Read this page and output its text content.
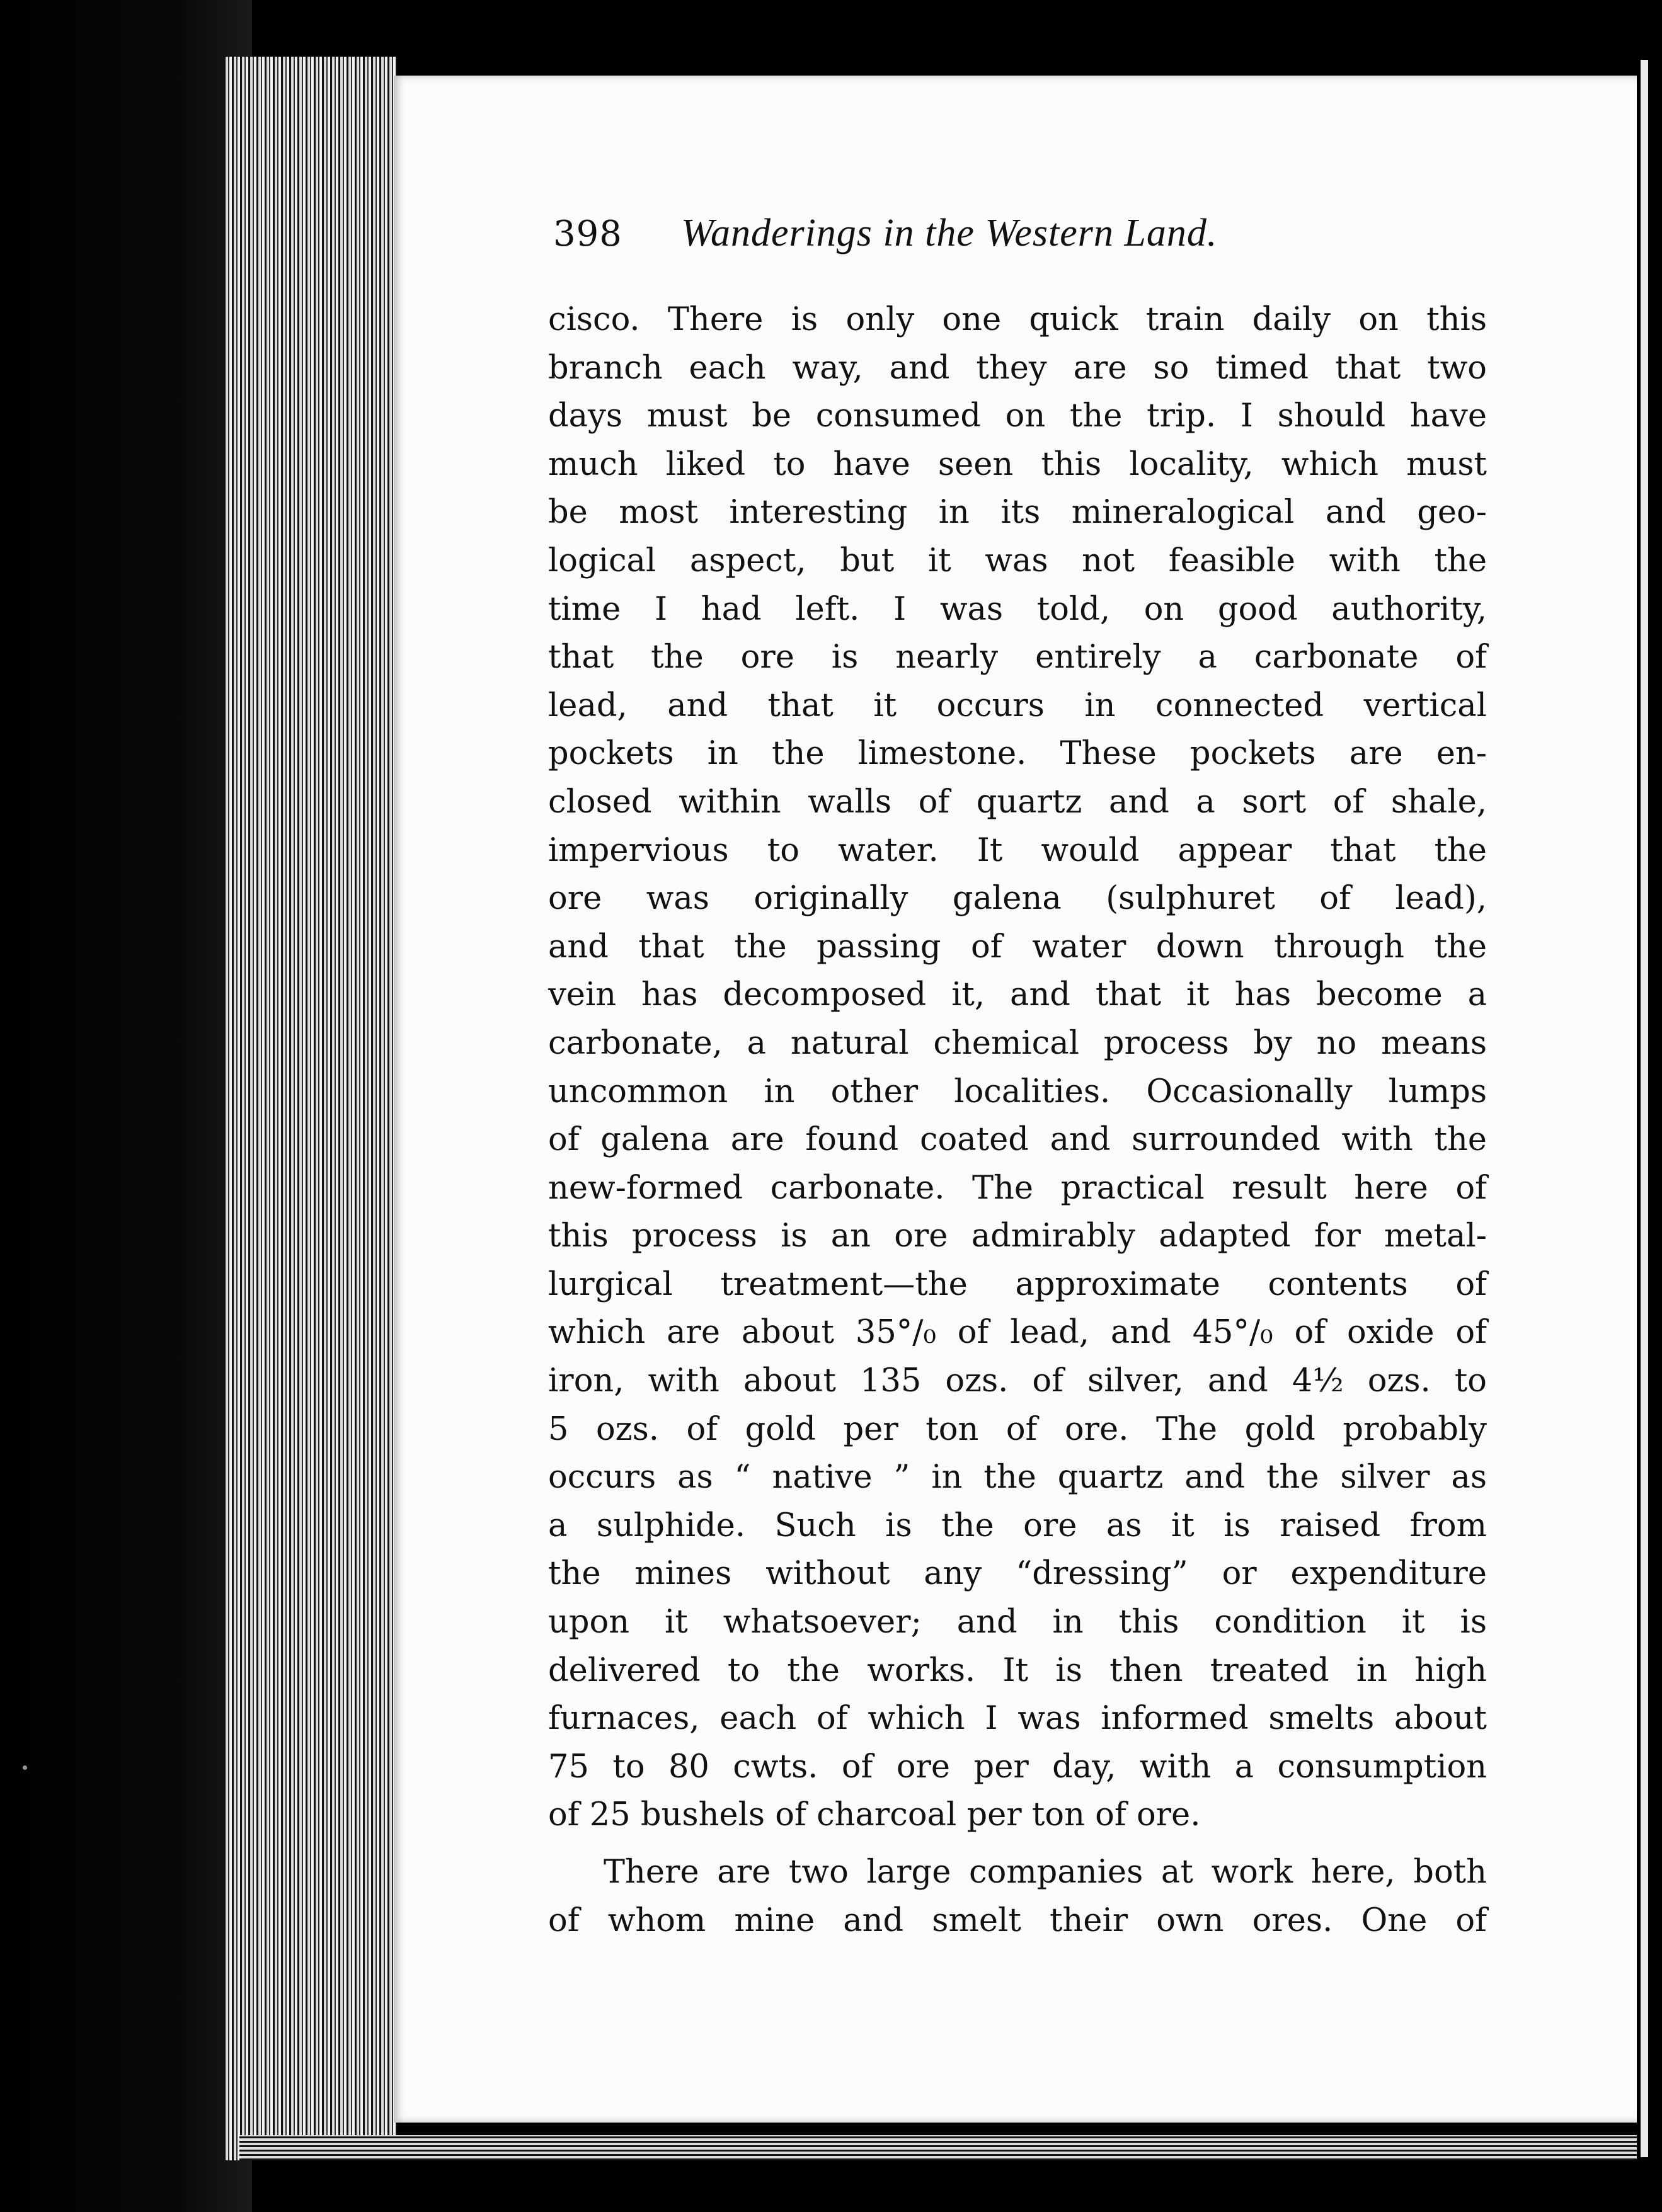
398 Wanderings in the Western Land.
cisco. There is only one quick train daily on this
branch each way, and they are so timed that two
days must be consumed on the trip. I should have
much liked to have seen this locality, which must
be most interesting in its mineralogical and geo-
logical aspect, but it was not feasible with the
time I had left. I was told, on good authority,
that the ore is nearly entirely a carbonate of
lead, and that it occurs in connected vertical
pockets in the limestone. These pockets are en-
closed within walls of quartz and a sort of shale,
impervious to water. It would appear that the
ore was originally galena (sulphuret of lead),
and that the passing of water down through the
vein has decomposed it, and that it has become a
carbonate, a natural chemical process by no means
uncommon in other localities. Occasionally lumps
of galena are found coated and surrounded with the
new-formed carbonate. The practical result here of
this process is an ore admirably adapted for metal-
lurgical treatment—the approximate contents of
which are about 35°/₀ of lead, and 45°/₀ of oxide of
iron, with about 135 ozs. of silver, and 4½ ozs. to
5 ozs. of gold per ton of ore. The gold probably
occurs as “ native ” in the quartz and the silver as
a sulphide. Such is the ore as it is raised from
the mines without any “dressing” or expenditure
upon it whatsoever; and in this condition it is
delivered to the works. It is then treated in high
furnaces, each of which I was informed smelts about
75 to 80 cwts. of ore per day, with a consumption
of 25 bushels of charcoal per ton of ore.
There are two large companies at work here, both
of whom mine and smelt their own ores. One of
